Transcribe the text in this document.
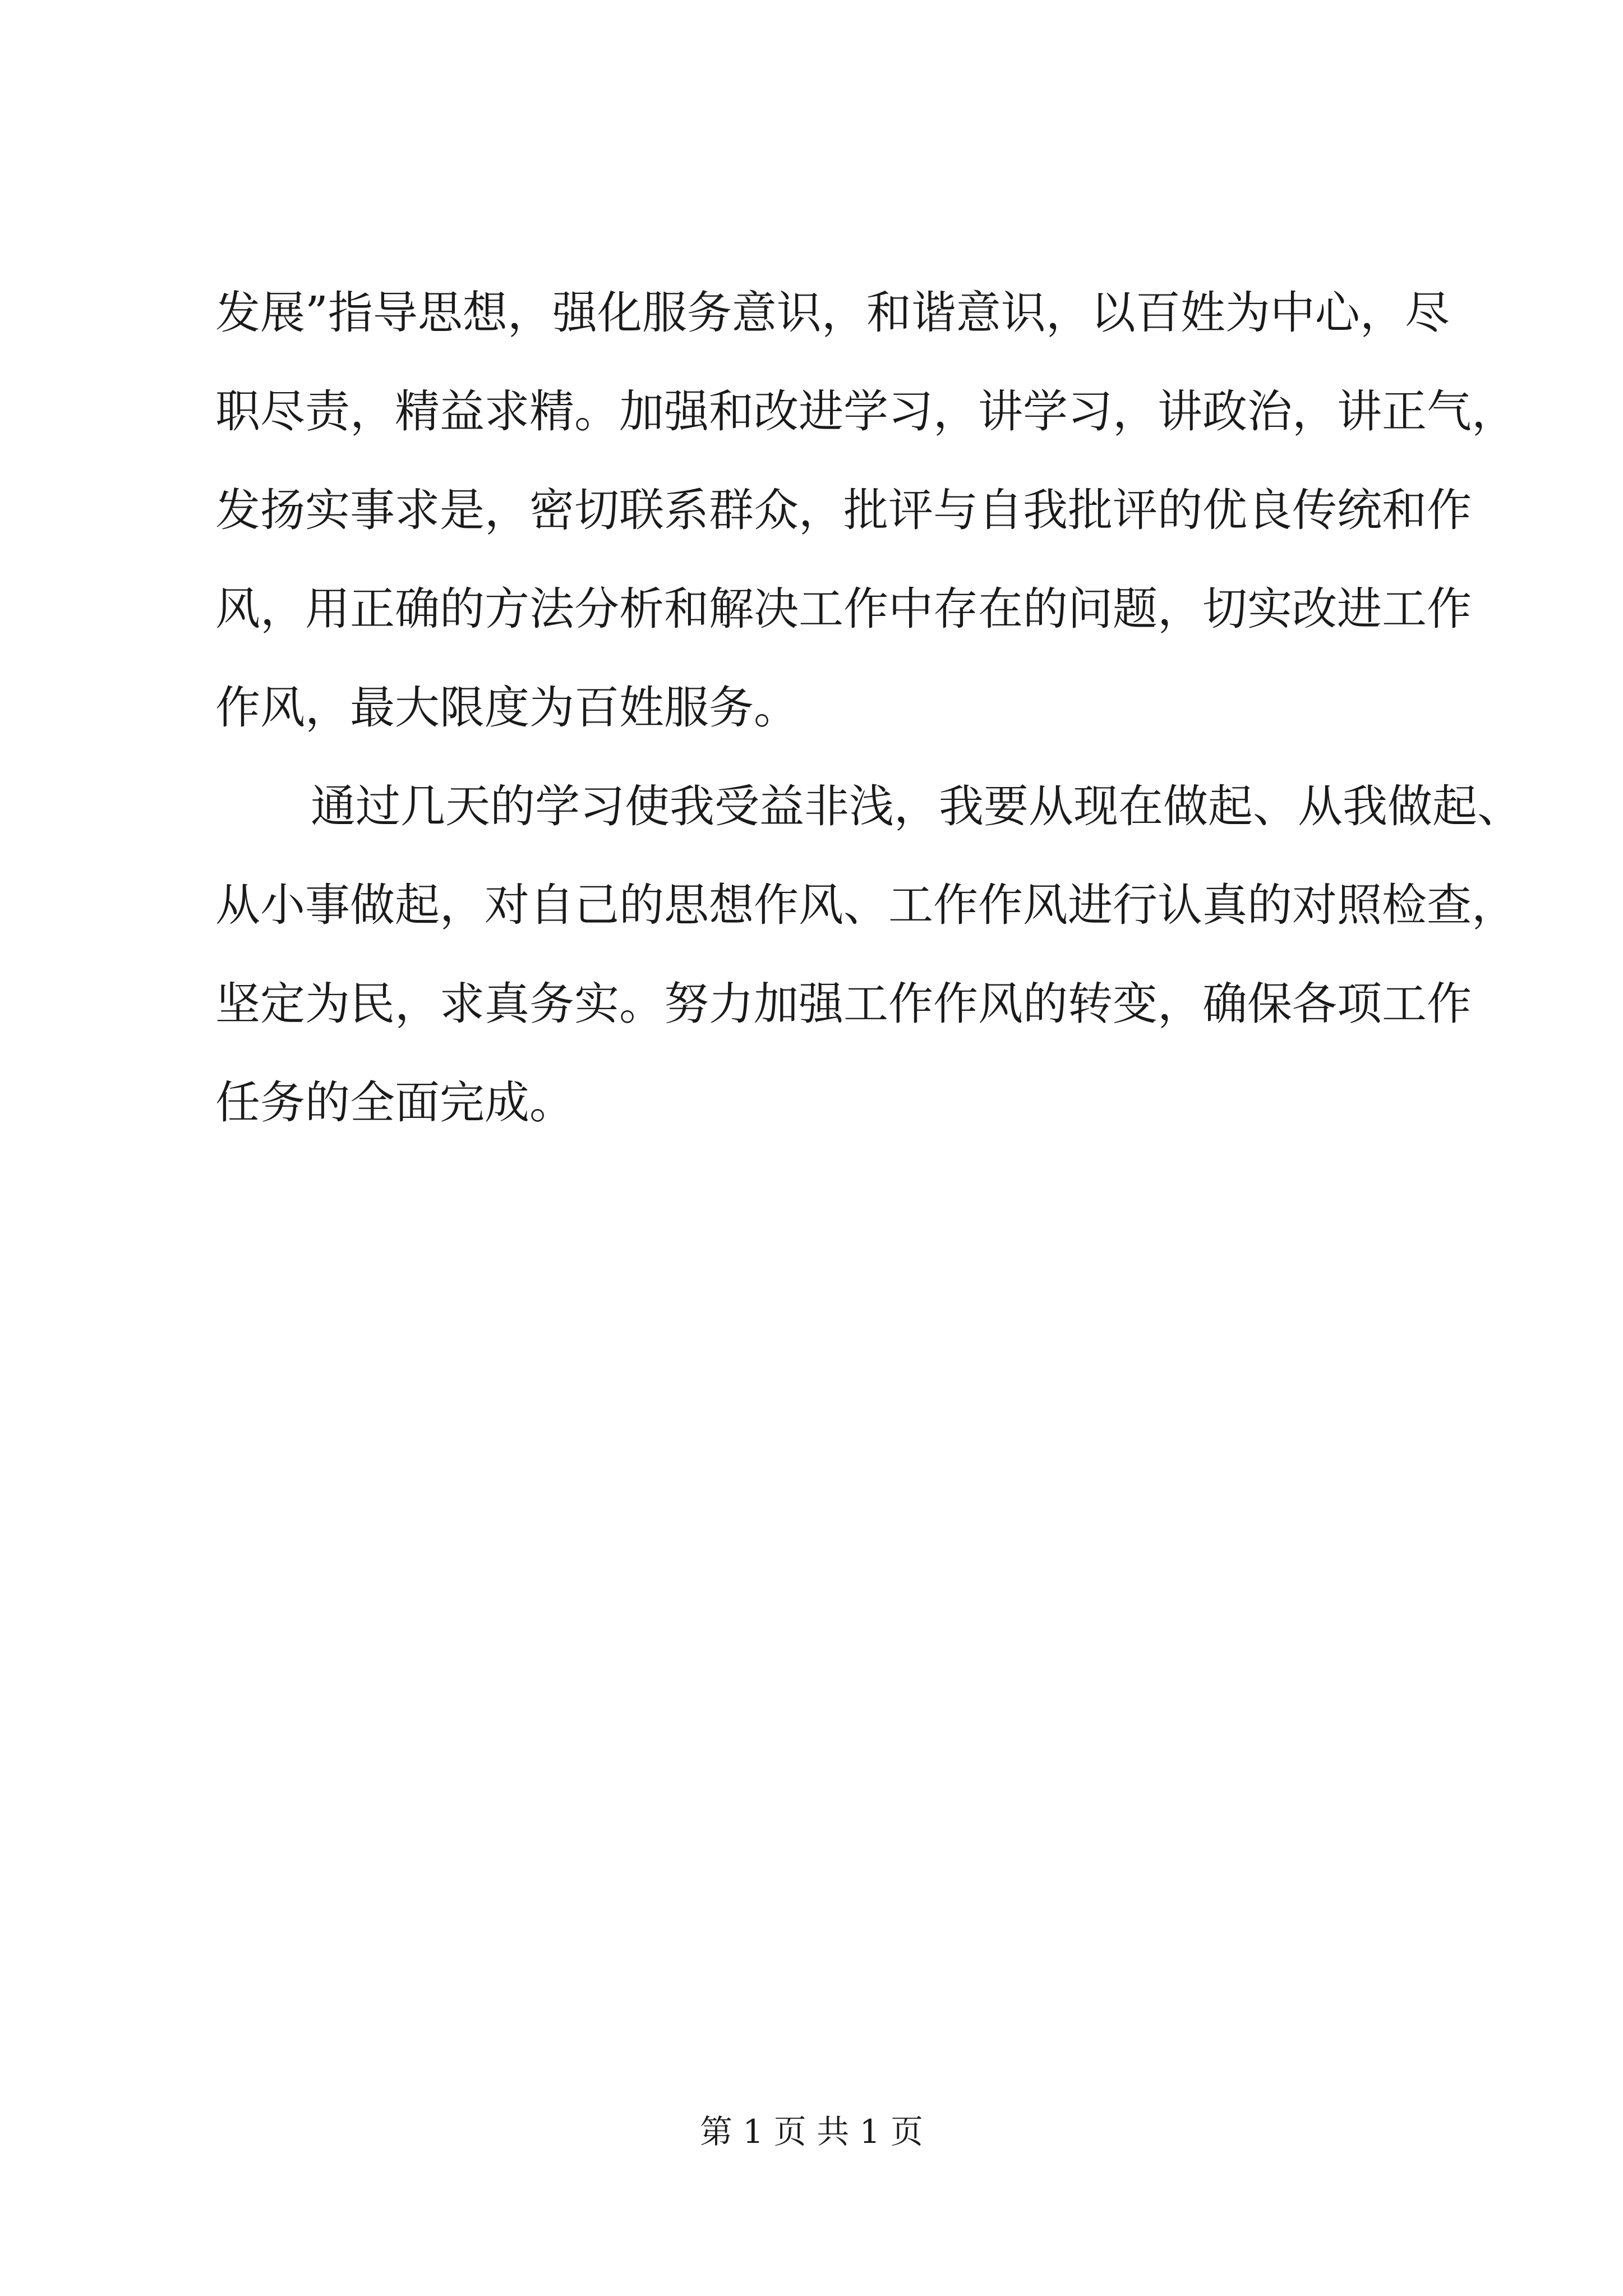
发展”指导思想，强化服务意识，和谐意识，以百姓为中心，尽
职尽责，精益求精。加强和改进学习，讲学习，讲政治，讲正气，
发扬实事求是，密切联系群众，批评与自我批评的优良传统和作
风，用正确的方法分析和解决工作中存在的问题，切实改进工作
作风，最大限度为百姓服务。
通过几天的学习使我受益非浅，我要从现在做起、从我做起、
从小事做起，对自己的思想作风、工作作风进行认真的对照检查，
坚定为民，求真务实。努力加强工作作风的转变，确保各项工作
任务的全面完成。
第 1 页 共 1 页
